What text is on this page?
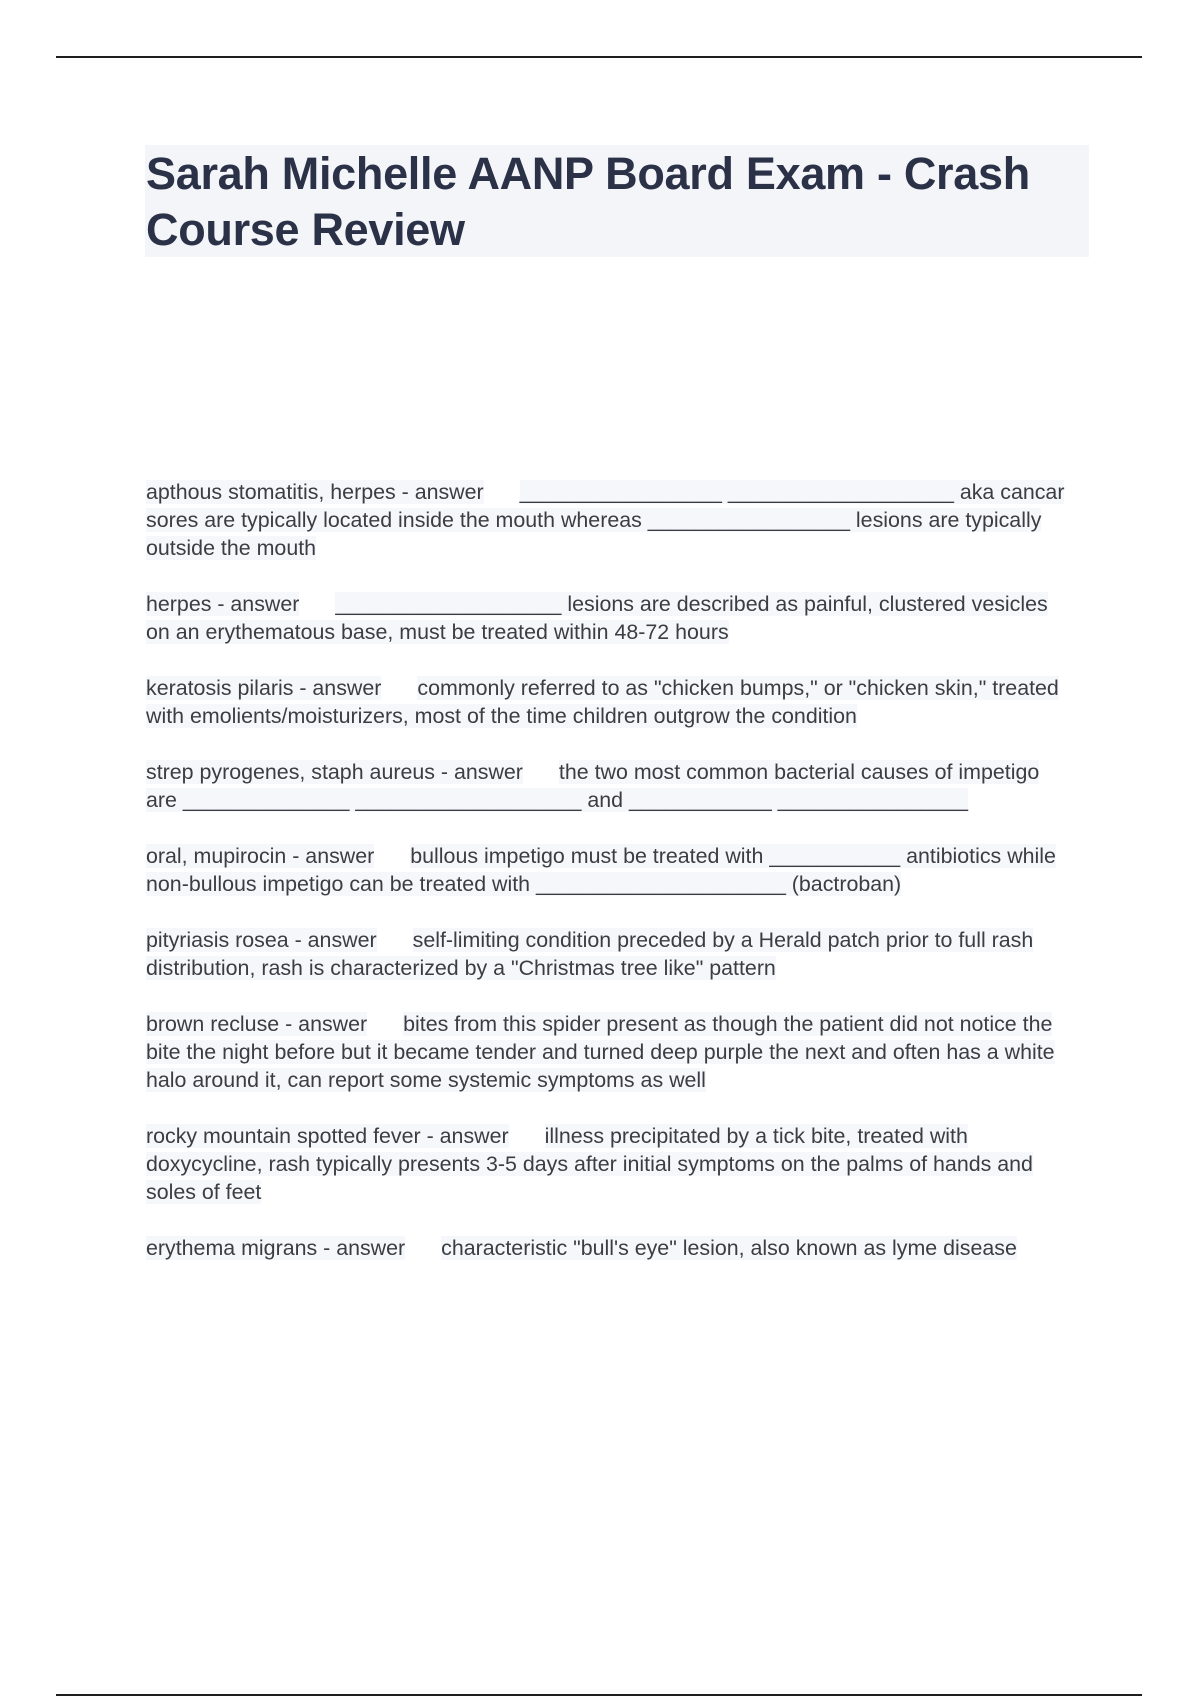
Sarah Michelle AANP Board Exam - Crash Course Review

apthous stomatitis, herpes - answer _________________ ___________________ aka cancar sores are typically located inside the mouth whereas _________________ lesions are typically outside the mouth

herpes - answer ___________________ lesions are described as painful, clustered vesicles on an erythematous base, must be treated within 48-72 hours

keratosis pilaris - answer commonly referred to as "chicken bumps," or "chicken skin," treated with emolients/moisturizers, most of the time children outgrow the condition

strep pyrogenes, staph aureus - answer the two most common bacterial causes of impetigo are ______________ ___________________ and ____________ ________________

oral, mupirocin - answer bullous impetigo must be treated with ___________ antibiotics while non-bullous impetigo can be treated with _____________________ (bactroban)

pityriasis rosea - answer self-limiting condition preceded by a Herald patch prior to full rash distribution, rash is characterized by a "Christmas tree like" pattern

brown recluse - answer bites from this spider present as though the patient did not notice the bite the night before but it became tender and turned deep purple the next and often has a white halo around it, can report some systemic symptoms as well

rocky mountain spotted fever - answer illness precipitated by a tick bite, treated with doxycycline, rash typically presents 3-5 days after initial symptoms on the palms of hands and soles of feet

erythema migrans - answer characteristic "bull's eye" lesion, also known as lyme disease
